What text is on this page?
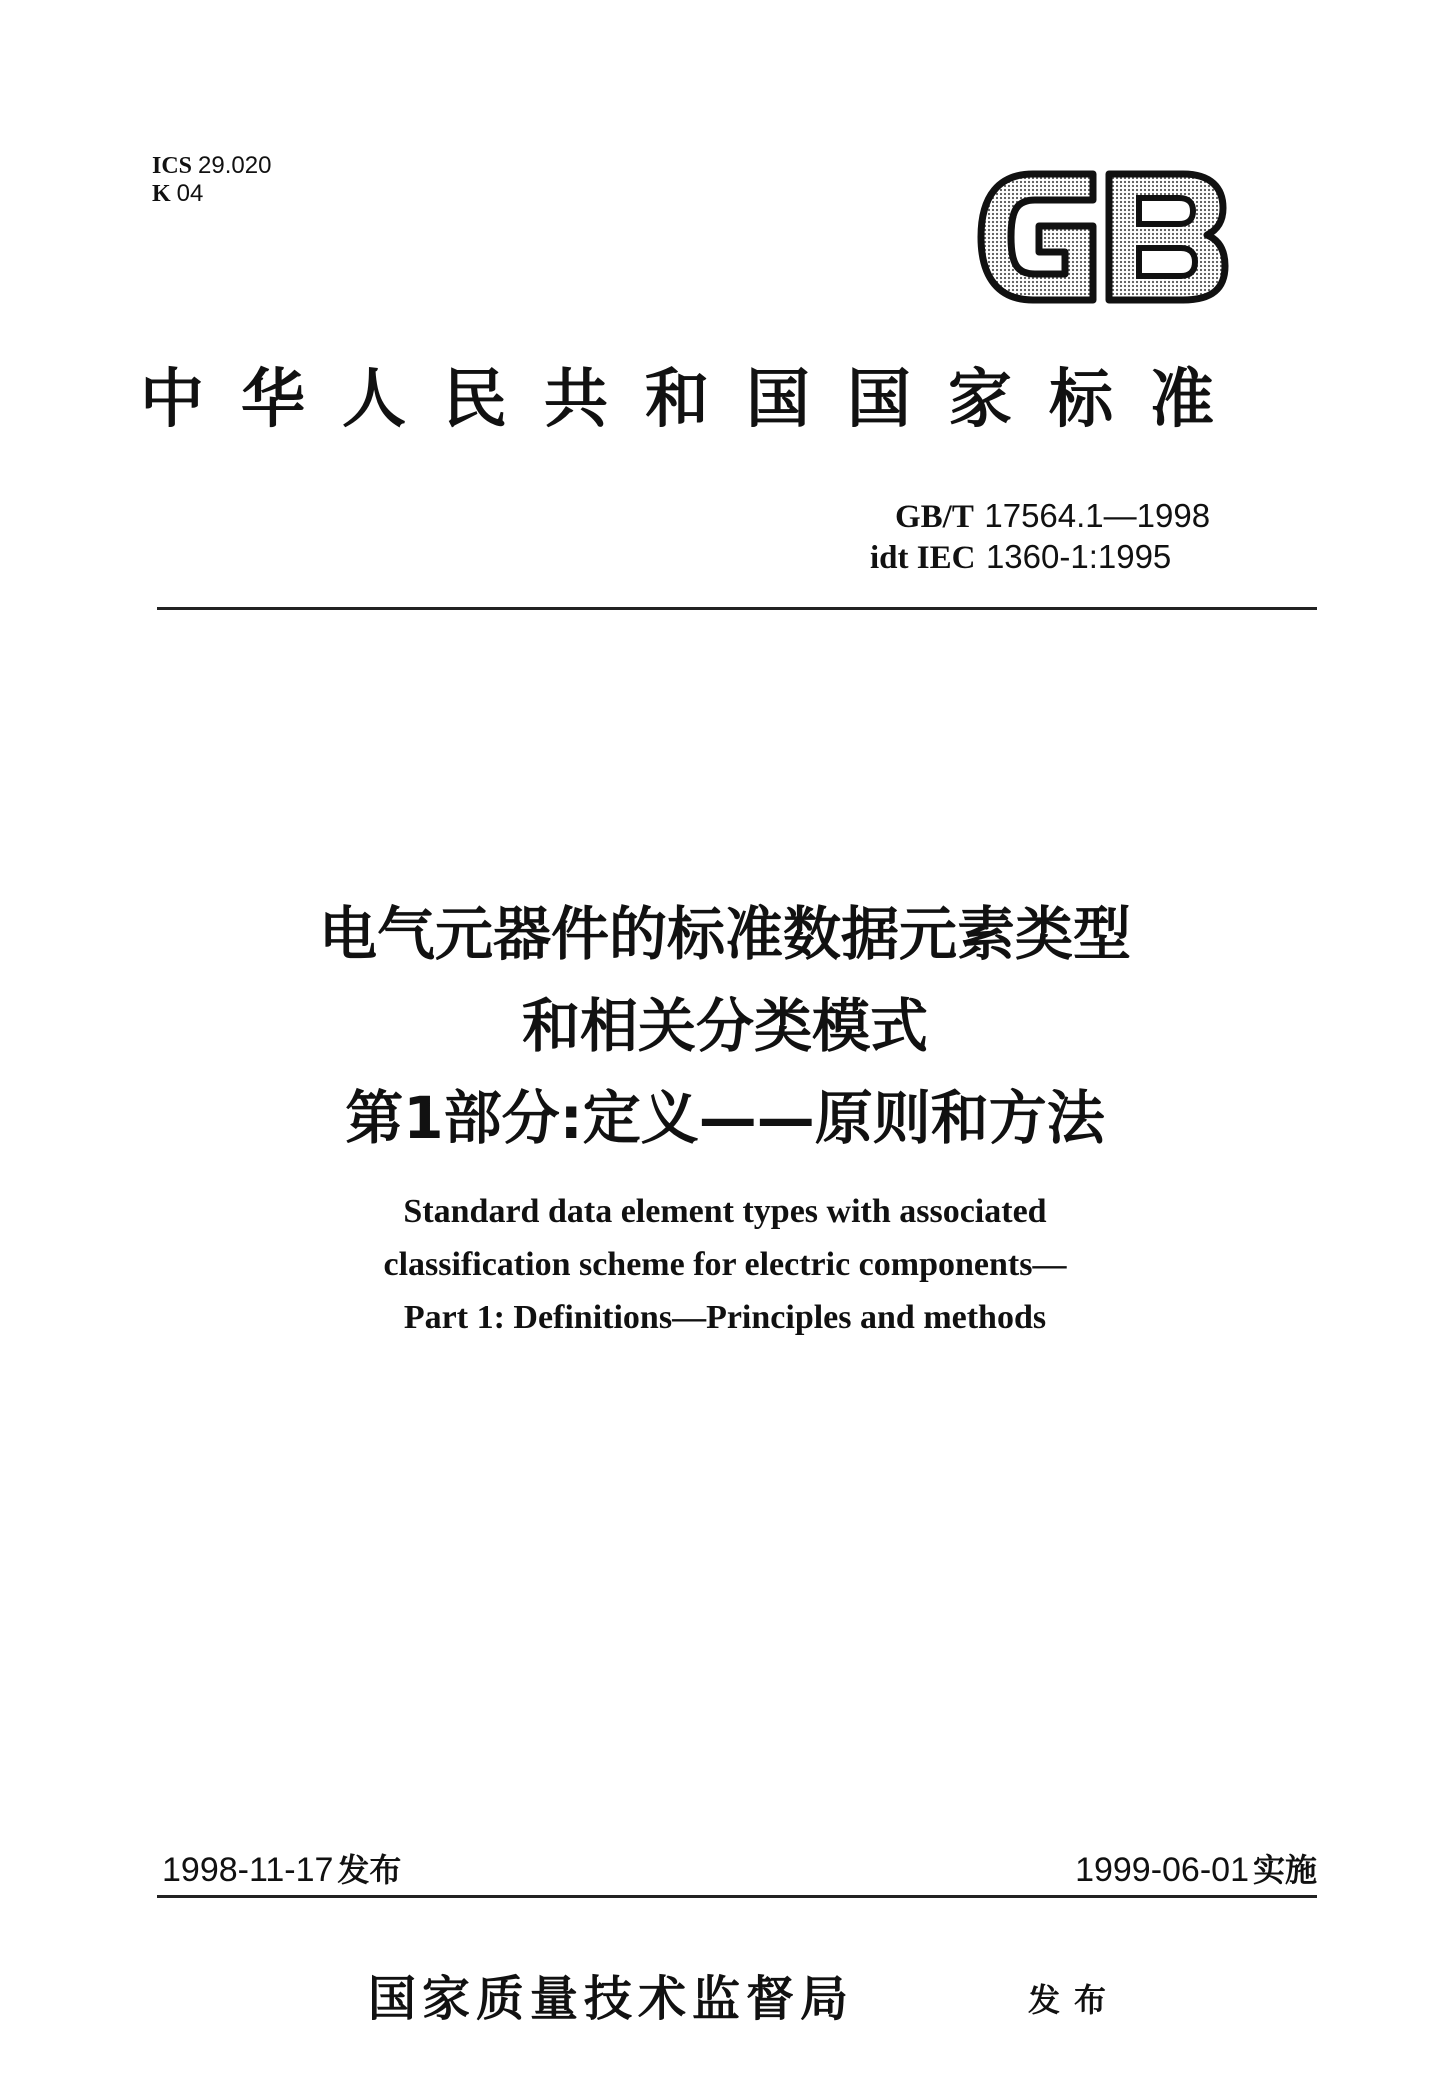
ICS 29.020
K 04
中华人民共和国国家标准
GB/T 17564.1—1998
idt IEC 1360-1:1995
电气元器件的标准数据元素类型
和相关分类模式
第1部分:定义——原则和方法
Standard data element types with associated
classification scheme for electric components—
Part 1: Definitions—Principles and methods
1998-11-17 发布	1999-06-01 实施
国家质量技术监督局	发布
